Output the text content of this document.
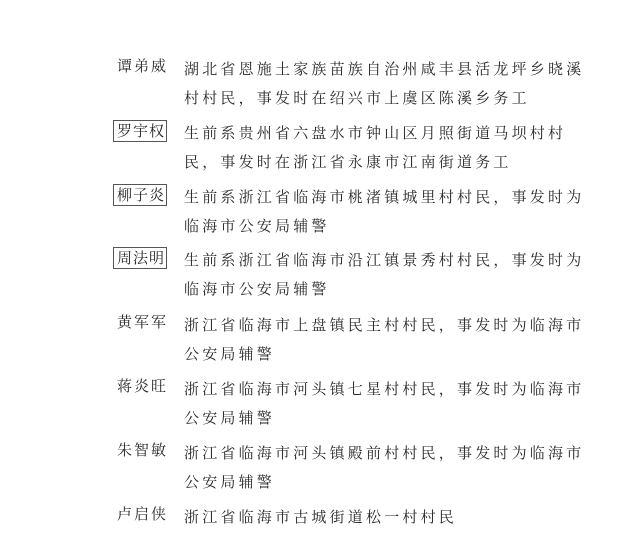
谭弟威 湖北省恩施土家族苗族自治州咸丰县活龙坪乡晓溪
村村民，事发时在绍兴市上虞区陈溪乡务工
罗宇权 生前系贵州省六盘水市钟山区月照街道马坝村村
民，事发时在浙江省永康市江南街道务工
柳子炎 生前系浙江省临海市桃渚镇城里村村民，事发时为
临海市公安局辅警
周法明 生前系浙江省临海市沿江镇景秀村村民，事发时为
临海市公安局辅警
黄军军 浙江省临海市上盘镇民主村村民，事发时为临海市
公安局辅警
蒋炎旺 浙江省临海市河头镇七星村村民，事发时为临海市
公安局辅警
朱智敏 浙江省临海市河头镇殿前村村民，事发时为临海市
公安局辅警
卢启侠 浙江省临海市古城街道松一村村民
